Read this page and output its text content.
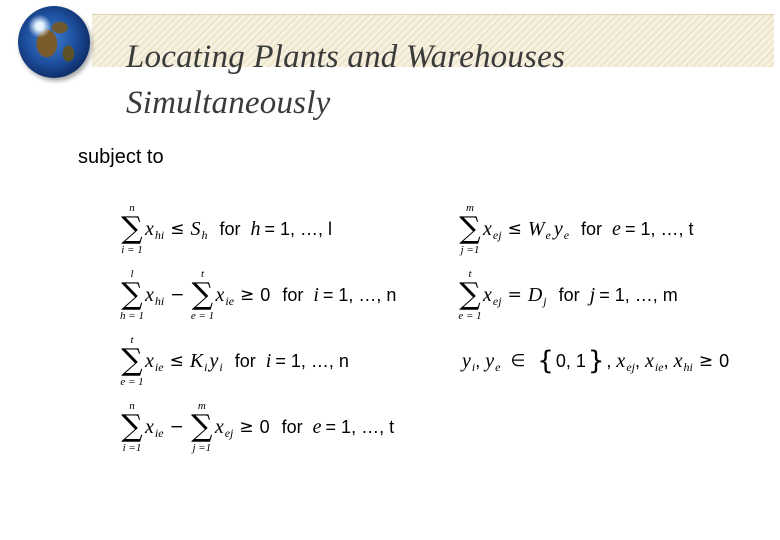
Locating Plants and Warehouses
Simultaneously
subject to
n
∑
i = 1
x hi ≤ S h for h = 1, …, l
m
∑
j =1
x ej ≤ W e y e for e = 1, …, t
l
∑
h = 1
x hi −
t
∑
e = 1
x ie ≥ 0 for i = 1, …, n
t
∑
e = 1
x ej = D j for j = 1, …, m
t
∑
e = 1
x ie ≤ K i y i for i = 1, …, n	y i , y e ∈ { 0, 1 } , x ej , x ie , x hi ≥ 0
n
∑
i =1
x ie −
m
∑
j =1
x ej ≥ 0 for e = 1, …, t
